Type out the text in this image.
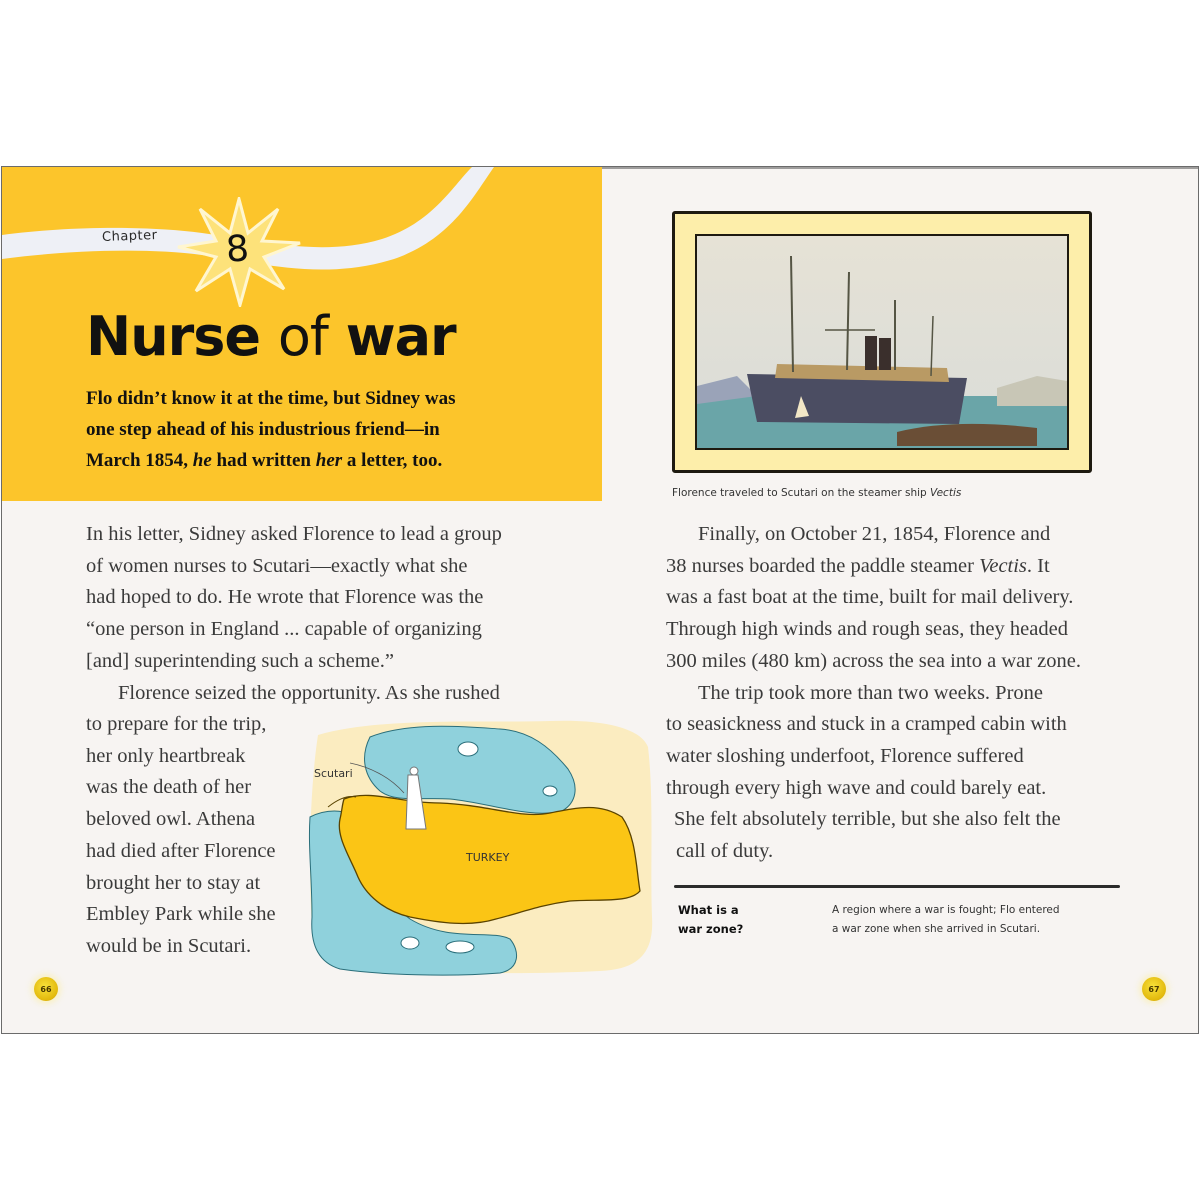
Chapter 8
Nurse of war

Flo didn’t know it at the time, but Sidney was
one step ahead of his industrious friend—in
March 1854, he had written her a letter, too.

In his letter, Sidney asked Florence to lead a group
of women nurses to Scutari—exactly what she
had hoped to do. He wrote that Florence was the
“one person in England ... capable of organizing
[and] superintending such a scheme.”
Florence seized the opportunity. As she rushed
to prepare for the trip,
her only heartbreak
was the death of her
beloved owl. Athena
had died after Florence
brought her to stay at
Embley Park while she
would be in Scutari.
Scutari
TURKEY
Florence traveled to Scutari on the steamer ship Vectis
Finally, on October 21, 1854, Florence and
38 nurses boarded the paddle steamer Vectis. It
was a fast boat at the time, built for mail delivery.
Through high winds and rough seas, they headed
300 miles (480 km) across the sea into a war zone.
The trip took more than two weeks. Prone
to seasickness and stuck in a cramped cabin with
water sloshing underfoot, Florence suffered
through every high wave and could barely eat.
She felt absolutely terrible, but she also felt the
call of duty.
What is a
war zone?
A region where a war is fought; Flo entered
a war zone when she arrived in Scutari.
66	67
